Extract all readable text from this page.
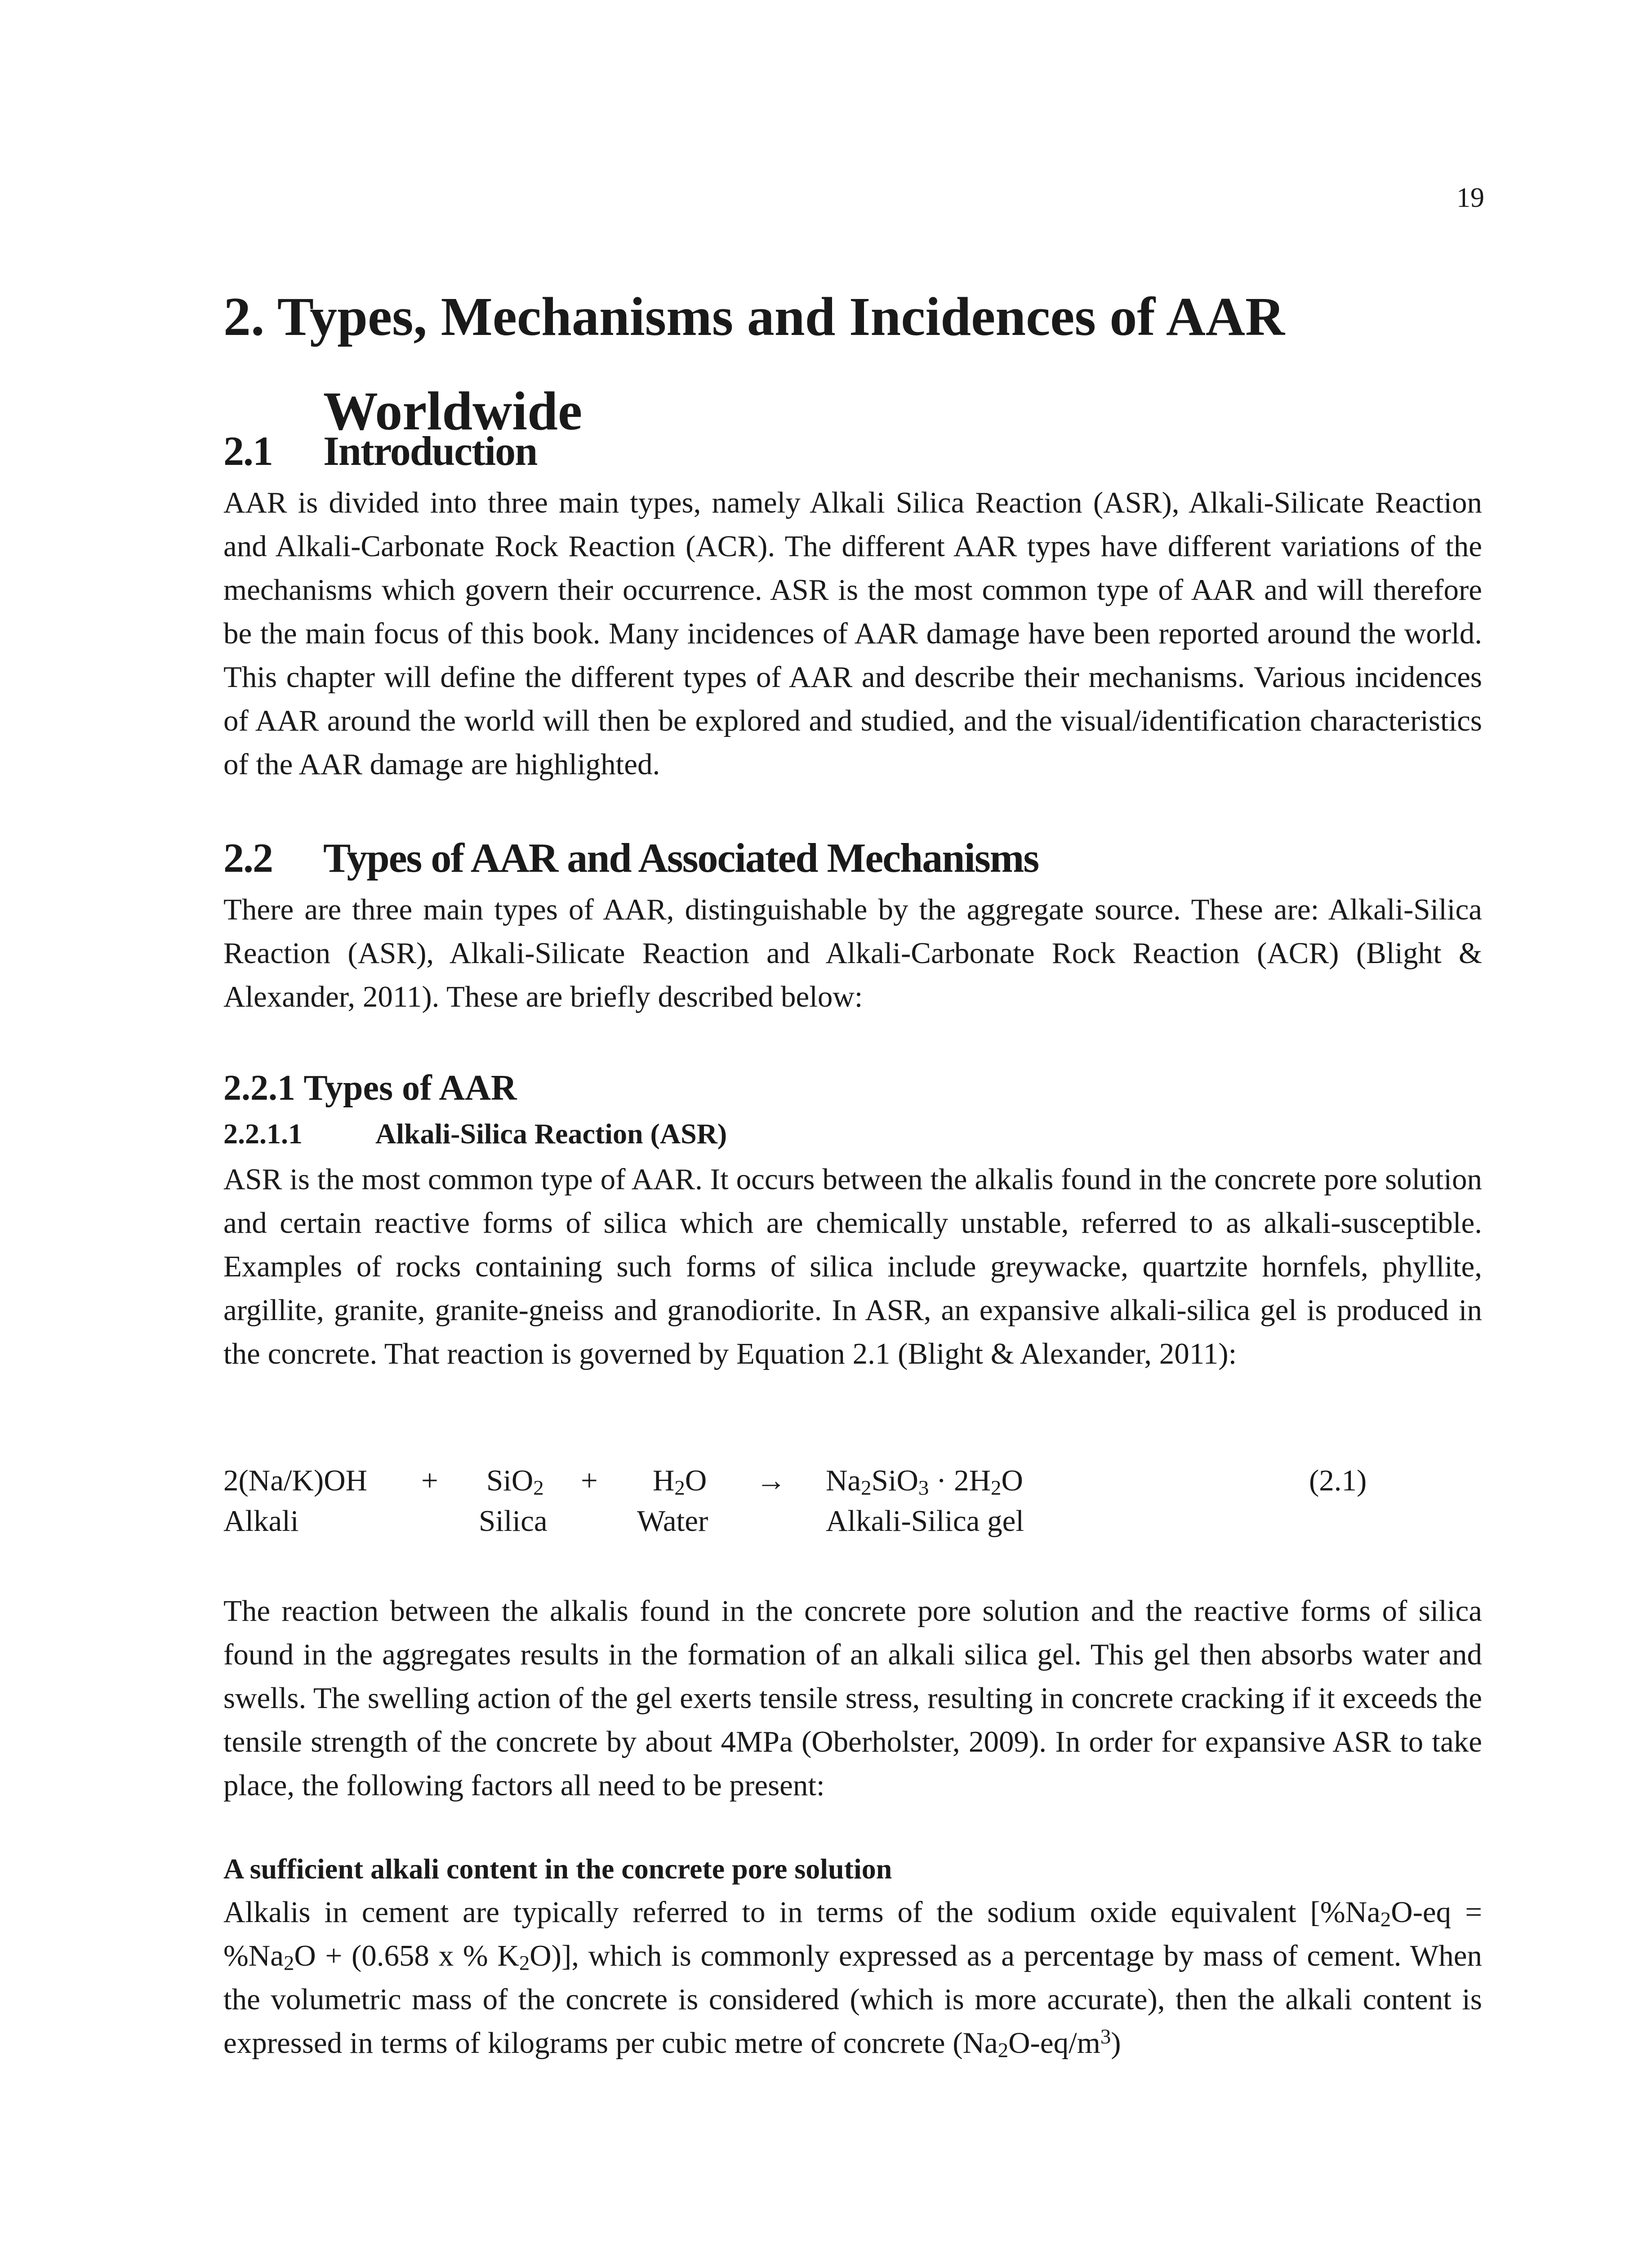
19
2. Types, Mechanisms and Incidences of AAR
Worldwide
2.1 Introduction

AAR is divided into three main types, namely Alkali Silica Reaction (ASR), Alkali-Silicate Reaction and Alkali-Carbonate Rock Reaction (ACR). The different AAR types have different variations of the mechanisms which govern their occurrence. ASR is the most common type of AAR and will therefore be the main focus of this book. Many incidences of AAR damage have been reported around the world. This chapter will define the different types of AAR and describe their mechanisms. Various incidences of AAR around the world will then be explored and studied, and the visual/identification characteristics of the AAR damage are highlighted.

2.2 Types of AAR and Associated Mechanisms

There are three main types of AAR, distinguishable by the aggregate source. These are: Alkali-Silica Reaction (ASR), Alkali-Silicate Reaction and Alkali-Carbonate Rock Reaction (ACR) (Blight & Alexander, 2011). These are briefly described below:

2.2.1 Types of AAR
2.2.1.1	Alkali-Silica Reaction (ASR)

ASR is the most common type of AAR. It occurs between the alkalis found in the concrete pore solution and certain reactive forms of silica which are chemically unstable, referred to as alkali-susceptible. Examples of rocks containing such forms of silica include greywacke, quartzite hornfels, phyllite, argillite, granite, granite-gneiss and granodiorite. In ASR, an expansive alkali-silica gel is produced in the concrete. That reaction is governed by Equation 2.1 (Blight & Alexander, 2011):

$2(Na/K)OH + SiO_2 + H_2O \to Na_2SiO_3 \cdot 2H_2O$	(2.1)
Alkali	Silica	Water	Alkali-Silica gel

The reaction between the alkalis found in the concrete pore solution and the reactive forms of silica found in the aggregates results in the formation of an alkali silica gel. This gel then absorbs water and swells. The swelling action of the gel exerts tensile stress, resulting in concrete cracking if it exceeds the tensile strength of the concrete by about 4MPa (Oberholster, 2009). In order for expansive ASR to take place, the following factors all need to be present:

A sufficient alkali content in the concrete pore solution

Alkalis in cement are typically referred to in terms of the sodium oxide equivalent [$\%Na_2O-eq = \%Na_2O + (0.658$ x % $K_2O$)], which is commonly expressed as a percentage by mass of cement. When the volumetric mass of the concrete is considered (which is more accurate), then the alkali content is expressed in terms of kilograms per cubic metre of concrete $(Na_2O-eq/m^3)$
